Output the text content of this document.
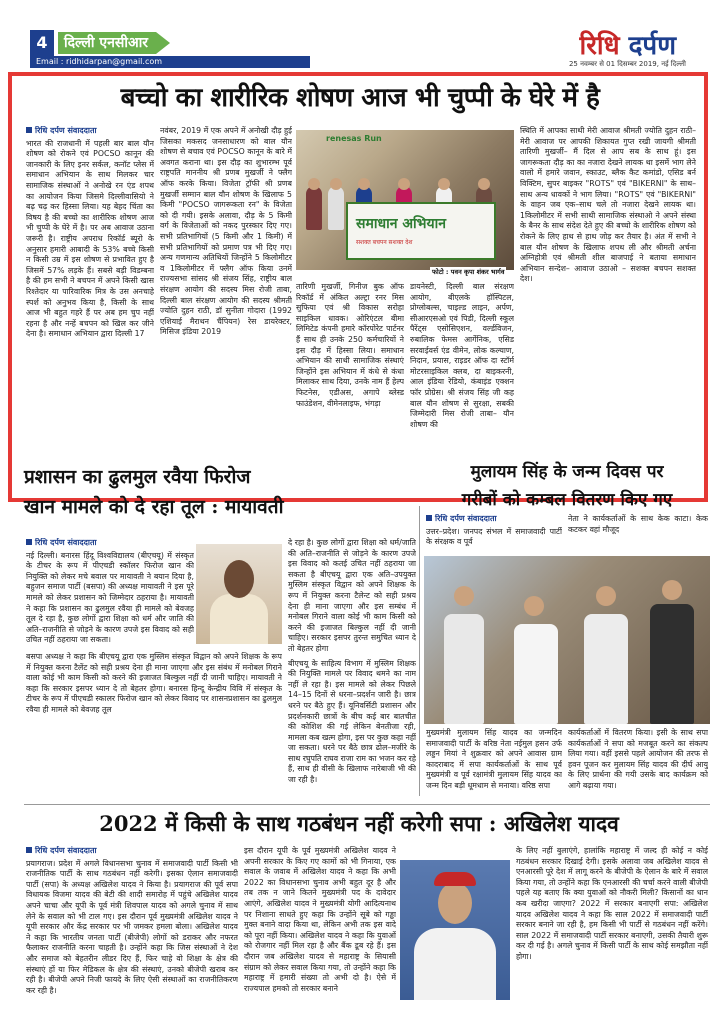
4	दिल्ली एनसीआर
Email : ridhidarpan@gmail.com
रिधि दर्पण
25 नवम्बर से 01 दिसम्बर 2019, नई दिल्ली
बच्चो का शारीरिक शोषण आज भी चुप्पी के घेरे में है
रिधि दर्पण संवाददाता
भारत की राजधानी में पहली बार बाल यौन शोषण को रोकने एवं POCSO कानून की जानकारी के लिए इनर सर्कल, कनॉट प्लेस में समाधान अभियान के साथ मिलकर चार सामाजिक संस्थाओं ने अनोखे रन एंड शपथ का आयोजन किया जिसमे दिल्लीवासियो ने बढ़ चढ़ कर हिस्सा लिया। यह बेहद चिंता का विषय है की बच्चो का शारीरिक शोषण आज भी चुप्पी के घेरे में है। पर अब आवाज उठाना जरूरी है। राष्ट्रीय अपराध रिकॉर्ड ब्यूरो के अनुसार हमारी आबादी के 53% बच्चे किसी न किसी उम्र में इस शोषण से प्रभावित हुए है जिसमें 57% लड़के हैं। सबसे बड़ी विडम्बना है की हम सभी ने बचपन में अपने किसी खास रिश्तेदार या पारिवारिक मित्र के उस अनचाहे स्पर्श को अनुभव किया है, किसी के साथ आज भी बहुत गहरे हैं पर अब हम चुप नहीं रहना है और नन्हें बचपन को खिल कर जीने देना है। समाधान अभियान द्वारा दिल्ली 17
नवंबर, 2019 में एक अपने में अनोखी दौड़ हुई जिसका मकसद जनसाधारण को बाल यौन शोषण से बचाव एवं POCSO कानून के बारे में अवगत कराना था। इस दौड़ का शुभारम्भ पूर्व राष्ट्रपति माननीय श्री प्रणब मुखर्जी ने फ्लैग ऑफ करके किया। विजेता ट्रॉफी श्री प्रणब मुखर्जी सम्मान बाल यौन शोषण के खिलाफ 5 किमी "POCSO जागरूकता रन" के विजेता को दी गयी। इसके अलावा, दौड़ के 5 किमी वर्ग के विजेताओं को नकद पुरस्कार दिए गए। सभी प्रतिभागियों (5 किमी और 1 किमी) में सभी प्रतिभागियों को प्रमाण पत्र भी दिए गए। अन्य गणमान्य अतिथियों जिन्होंने 5 किलोमीटर व 1किलोमीटर में फ्लैग ऑफ किया उनमें राज्यसभा सांसद श्री संजय सिंह, राष्ट्रीय बाल संरक्षण आयोग की सदस्य मिस रोजी ताबा, दिल्ली बाल संरक्षण आयोग की सदस्य श्रीमती ज्योति दुहन राठी, डॉ सुनीता गोदारा (1992 एशियाई मैराथन चैंपियन) रेस डायरेक्टर, मिसिज इंडिया 2019
renesas Run
समाधान अभियान
सशक्त बचपन सशक्त देश
फोटो : पवन कृपा शंकर भार्गव
तारिणी मुखर्जी, गिनीज बुक ऑफ रिकॉर्ड में अंकित अल्ट्रा रनर मिस सुफिया एवं श्री विकास सरोहा साइकिल धावक। ओरिएंटल बीमा लिमिटेड कंपनी हमारे कॉरपोरेट पार्टनर हैं साथ ही उनके 250 कर्मचारियों ने इस दौड़ में हिस्सा लिया। समाधान अभियान की साथी सामाजिक संस्थाएं जिन्होंने इस अभियान में कंधे से कंधा मिलाकर साथ दिया, उनके नाम हैं हेल्प फिटनेस, एडीअस, अगापे ब्लेस्ड फाउंडेशन, वीमेनलाइफ, भंगड़ा
डायनेस्टी, दिल्ली बाल संरक्षण आयोग, बीएलके हॉस्पिटल, प्रोग्लोबल्स, चाइल्ड लाइन, अर्पण, सीआरएसओ एवं पिडी, दिल्ली स्कूल पैरेंट्स एसोसिएशन, वर्ल्डविजन, रुबालिक फेमस आर्गेनिक, एसिड सरवाईवर्स एंड वीमेन, लोक कल्याण, निदान, प्रयास, राइडर ऑफ दा स्टॉर्म मोटरसाइकिल क्लब, दा बाइकरनी, आल इंडिया रेडियो, कंबाइंड एक्शन फॉर प्रोग्रेस। श्री संजय सिंह जी कह बाल यौन शोषण से सुरक्षा, सबकी जिम्मेदारी मिस रोजी ताबा– यौन शोषण की
स्थिति में आपका साथी मेरी आवाज श्रीमती ज्योति दुहन राठी– मेरी आवाज पर आपकी शिकायत गुप्त रखी जायगी श्रीमती तारिणी मुखर्जी– मैं दिल से आप सब के साथ हूं। इस जागरूकता दौड़ का का नजारा देखने लायक था इसमें भाग लेने वालो में हमारे जवान, स्काउट, ब्लैक कैट कमांडो, एसिड बर्न विक्टिम, सुपर बाइकर "ROTS" एवं "BIKERNI" के साथ–साथ अन्य धावकों ने भाग लिया। "ROTS" एवं "BIKERNI" के वाहन जब एक–साथ चले तो नजारा देखने लायक था। 1किलोमीटर में सभी साथी सामाजिक संस्थाओ ने अपने संस्था के बैनर के साथ संदेश देते हुए की बच्चो के शारीरिक शोषण को रोकने के लिए हाथ से हाथ जोड़ कर तैयार है। अंत में सभी ने बाल यौन शोषण के खिलाफ शपथ ली और श्रीमती अर्चना अग्निहोत्री एवं श्रीमती शील बाजपाई ने बताया समाधान अभियान सन्देश– आवाज उठाओ – सशक्त बचपन सशक्त देश।
प्रशासन का ढुलमुल रवैया फिरोज
खान मामले को दे रहा तूल : मायावती
रिधि दर्पण संवाददाता
नई दिल्ली। बनारस हिंदू विश्वविद्यालय (बीएचयू) में संस्कृत के टीचर के रूप में पीएचडी स्कॉलर फिरोज खान की नियुक्ति को लेकर मचे बवाल पर मायावती ने बयान दिया है, बहुजन समाज पार्टी (बसपा) की अध्यक्ष मायावती ने इस पूरे मामले को लेकर प्रशासन को जिम्मेदार ठहराया है। मायावती ने कहा कि प्रशासन का ढुलमुल रवैया ही मामले को बेवजह तूल दे रहा है, कुछ लोगों द्वारा शिक्षा को धर्म और जाति की अति–राजनीति से जोड़ने के कारण उपजे इस विवाद को सही उचित नहीं ठहराया जा सकता।
बसपा अध्यक्ष ने कहा कि बीएचयू द्वारा एक मुस्लिम संस्कृत विद्वान को अपने शिक्षक के रूप में नियुक्त करना टैलेंट को सही प्रश्रय देना ही माना जाएगा और इस संबंध में मनोबल गिराने वाला कोई भी काम किसी को करने की इजाजत बिल्कुल नहीं दी जानी चाहिए। मायावती ने कहा कि सरकार इसपर ध्यान दे तो बेहतर होगा। बनारस हिन्दू केन्द्रीय विवि में संस्कृत के टीचर के रूप में पीएचडी स्कालर फिरोज खान को लेकर विवाद पर शासनप्रशासन का ढुलमुल रवैया ही मामले को बेवजह तूल
दे रहा है। कुछ लोगों द्वारा शिक्षा को धर्म/जाति की अति–राजनीति से जोड़ने के कारण उपजे इस विवाद को कतई उचित नहीं ठहराया जा सकता है बीएचयू द्वारा एक अति–उपयुक्त मुस्लिम संस्कृत विद्वान को अपने शिक्षक के रूप में नियुक्त करना टैलेन्ट को सही प्रश्रय देना ही माना जाएगा और इस सम्बंध में मनोबल गिराने वाला कोई भी काम किसी को करने की इजाजत बिल्कुल नहीं दी जानी चाहिए। सरकार इसपर तुरन्त समुचित ध्यान दे तो बेहतर होगा
बीएचयू के साहित्य विभाग में मुस्लिम शिक्षक की नियुक्ति मामले पर विवाद थमने का नाम नहीं ले रहा है। इस मामले को लेकर पिछले 14–15 दिनों से धरना–प्रदर्शन जारी है। छात्र धरने पर बैठे हुए हैं। यूनिवर्सिटी प्रशासन और प्रदर्शनकारी छात्रों के बीच कई बार बातचीत की कोशिश की गई लेकिन बेनतीजा रही, मामला कब खत्म होगा, इस पर कुछ कहा नहीं जा सकता। धरने पर बैठे छात्र ढोल–मजीरे के साथ रघुपति राघव राजा राम का भजन कर रहे हैं, साथ ही वीसी के खिलाफ नारेबाजी भी की जा रही है।
मुलायम सिंह के जन्म दिवस पर
गरीबों को कम्बल वितरण किए गए
रिधि दर्पण संवाददाता
उत्तर–प्रदेश। जनपद संभल में समाजवादी पार्टी के संरक्षक व पूर्व
नेता ने कार्यकर्ताओं के साथ केक काटा। केक कटकर वहां मौजूद
मुख्यमंत्री मुलायम सिंह यादव का जन्मदिन समाजवादी पार्टी के वरिष्ठ नेता नईमुल हसन उर्फ लड्डन मियां ने शुक्रवार को अपने आवास ग्राम कादराबाद में सपा कार्यकर्ताओं के साथ पूर्व मुख्यमंत्री व पूर्व रक्षामंत्री मुलायम सिंह यादव का जन्म दिन बड़ी धूमधाम से मनाया। वरिष्ठ सपा
कार्यकर्ताओं में वितरण किया। इसी के साथ सपा कार्यकर्ताओं ने सपा को मजबूत करने का संकल्प लिया गया। वहीं इससे पहले आयोजन की तरफ से हवन पूजन कर मुलायम सिंह यादव की दीर्घ आयु के लिए प्रार्थना की गयी उसके बाद कार्यक्रम को आगे बढ़ाया गया।
2022 में किसी के साथ गठबंधन नहीं करेगी सपा : अखिलेश यादव
रिधि दर्पण संवाददाता
प्रयागराज। प्रदेश में अगले विधानसभा चुनाव में समाजवादी पार्टी किसी भी राजनीतिक पार्टी के साथ गठबंधन नहीं करेगी। इसका ऐलान समाजवादी पार्टी (सपा) के अध्यक्ष अखिलेश यादव ने किया है। प्रयागराज की पूर्व सपा विधायक विजमा यादव की बेटी की शादी समारोह में पहुंचे अखिलेश यादव अपने चाचा और यूपी के पूर्व मंत्री शिवपाल यादव को अगले चुनाव में साथ लेने के सवाल को भी टाल गए। इस दौरान पूर्व मुख्यमंत्री अखिलेश यादव ने यूपी सरकार और केंद्र सरकार पर भी जमकर हमला बोला। अखिलेश यादव ने कहा कि भारतीय जनता पार्टी (बीजेपी) लोगों को डराकर और नफरत फैलाकर राजनीति करना चाहती है। उन्होंने कहा कि जिस संस्थाओं ने देश और समाज को बेहतरीन लीडर दिए हैं, फिर चाहे वो शिक्षा के क्षेत्र की संस्थाएं हों या फिर मेडिकल के क्षेत्र की संस्थाएं, उनको बीजेपी खराब कर रही है। बीजेपी अपने निजी फायदे के लिए ऐसी संस्थाओं का राजनीतिकरण कर रही है।
इस दौरान यूपी के पूर्व मुख्यमंत्री अखिलेश यादव ने अपनी सरकार के किए गए कामों को भी गिनाया, एक सवाल के जवाब में अखिलेश यादव ने कहा कि अभी 2022 का विधानसभा चुनाव अभी बहुत दूर है और तब तक न जाने कितने मुख्यमंत्री पद के दावेदार आएंगे, अखिलेश यादव ने मुख्यमंत्री योगी आदित्यनाथ पर निशाना साधते हुए कहा कि उन्होंने सूबे को गड्ढा मुक्त बनाने वादा किया था, लेकिन अभी तक इस वादे को पूरा नहीं किया। अखिलेश यादव ने कहा कि युवाओं को रोजगार नहीं मिल रहा है और बैंक डूब रहे हैं। इस दौरान जब अखिलेश यादव से महाराष्ट्र के सियासी संग्राम को लेकर सवाल किया गया, तो उन्होंने कहा कि महाराष्ट्र में हमारी संख्या तो अभी दो है। ऐसे में राज्यपाल हमको तो सरकार बनाने
के लिए नहीं बुलाएंगे, हालांकि महाराष्ट्र में जल्द ही कोई न कोई गठबंधन सरकार दिखाई देगी। इसके अलावा जब अखिलेश यादव से एनआरसी पूरे देश में लागू करने के बीजेपी के ऐलान के बारे में सवाल किया गया, तो उन्होंने कहा कि एनआरसी की चर्चा करने वाली बीजेपी पहले यह बताए कि क्या युवाओं को नौकरी मिली? किसानों का धान कब खरीदा जाएगा? 2022 में सरकार बनाएगी सपा: अखिलेश यादव अखिलेश यादव ने कहा कि साल 2022 में समाजवादी पार्टी सरकार बनाने जा रही है, हम किसी भी पार्टी से गठबंधन नहीं करेंगे। साल 2022 में समाजवादी पार्टी सरकार बनाएगी, उसकी तैयारी शुरू कर दी गई है। अगले चुनाव में किसी पार्टी के साथ कोई समझौता नहीं होगा।
